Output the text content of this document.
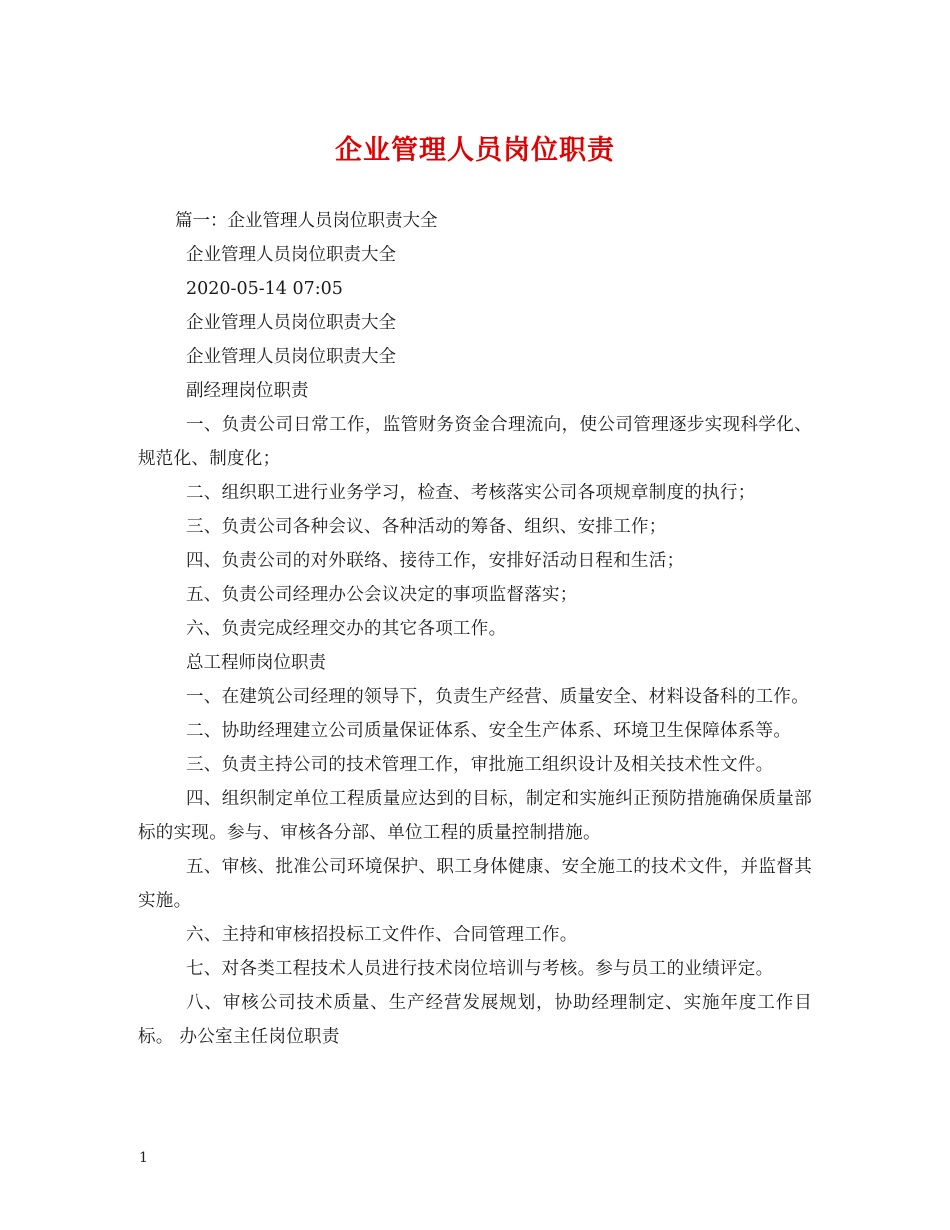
企业管理人员岗位职责
篇一：企业管理人员岗位职责大全
企业管理人员岗位职责大全
2020-05-14 07:05
企业管理人员岗位职责大全
企业管理人员岗位职责大全
副经理岗位职责
一、负责公司日常工作，监管财务资金合理流向，使公司管理逐步实现科学化、规范化、制度化；
二、组织职工进行业务学习，检查、考核落实公司各项规章制度的执行；
三、负责公司各种会议、各种活动的筹备、组织、安排工作；
四、负责公司的对外联络、接待工作，安排好活动日程和生活；
五、负责公司经理办公会议决定的事项监督落实；
六、负责完成经理交办的其它各项工作。
总工程师岗位职责
一、在建筑公司经理的领导下，负责生产经营、质量安全、材料设备科的工作。
二、协助经理建立公司质量保证体系、安全生产体系、环境卫生保障体系等。
三、负责主持公司的技术管理工作，审批施工组织设计及相关技术性文件。
四、组织制定单位工程质量应达到的目标，制定和实施纠正预防措施确保质量部标的实现。参与、审核各分部、单位工程的质量控制措施。
五、审核、批准公司环境保护、职工身体健康、安全施工的技术文件，并监督其实施。
六、主持和审核招投标工文件作、合同管理工作。
七、对各类工程技术人员进行技术岗位培训与考核。参与员工的业绩评定。
八、审核公司技术质量、生产经营发展规划，协助经理制定、实施年度工作目标。 办公室主任岗位职责
1
